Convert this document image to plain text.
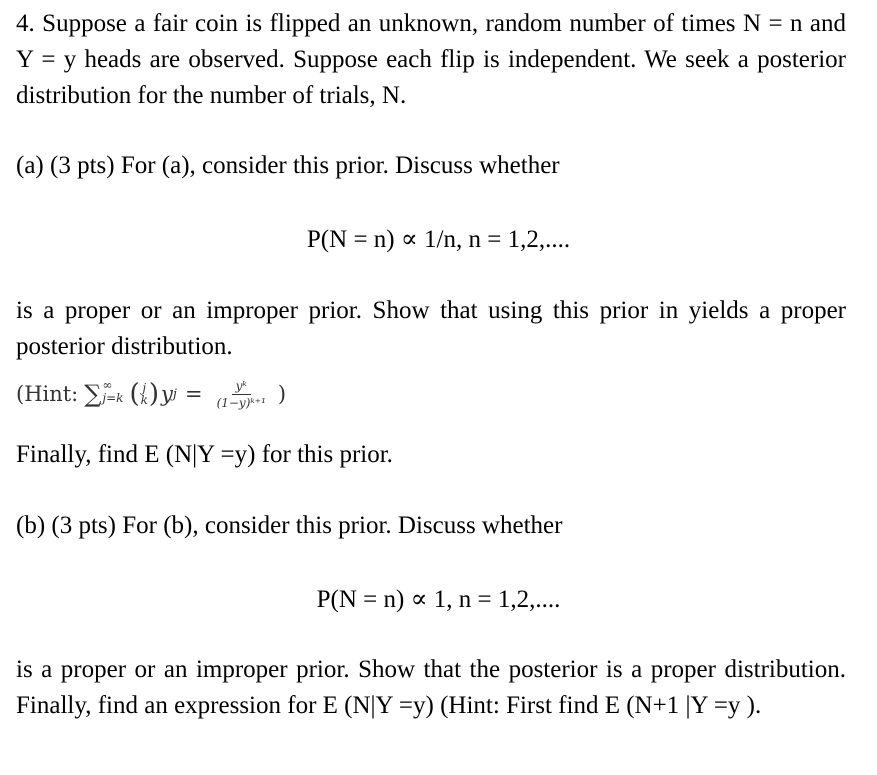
4. Suppose a fair coin is flipped an unknown, random number of times N = n and Y = y heads are observed. Suppose each flip is independent. We seek a posterior distribution for the number of trials, N.

(a) (3 pts) For (a), consider this prior. Discuss whether

P(N = n) ∝ 1/n, n = 1,2,....

is a proper or an improper prior. Show that using this prior in yields a proper posterior distribution.

(Hint: ∑ ∞
j=k ( j
k ) y $j = \frac{\text{yᵏ}}{\text{(1−y)ᵏ⁺¹}}$ )

Finally, find E (N|Y =y) for this prior.

(b) (3 pts) For (b), consider this prior. Discuss whether

P(N = n) ∝ 1, n = 1,2,....

is a proper or an improper prior. Show that the posterior is a proper distribution. Finally, find an expression for E (N|Y =y) (Hint: First find E (N+1 |Y =y ).
